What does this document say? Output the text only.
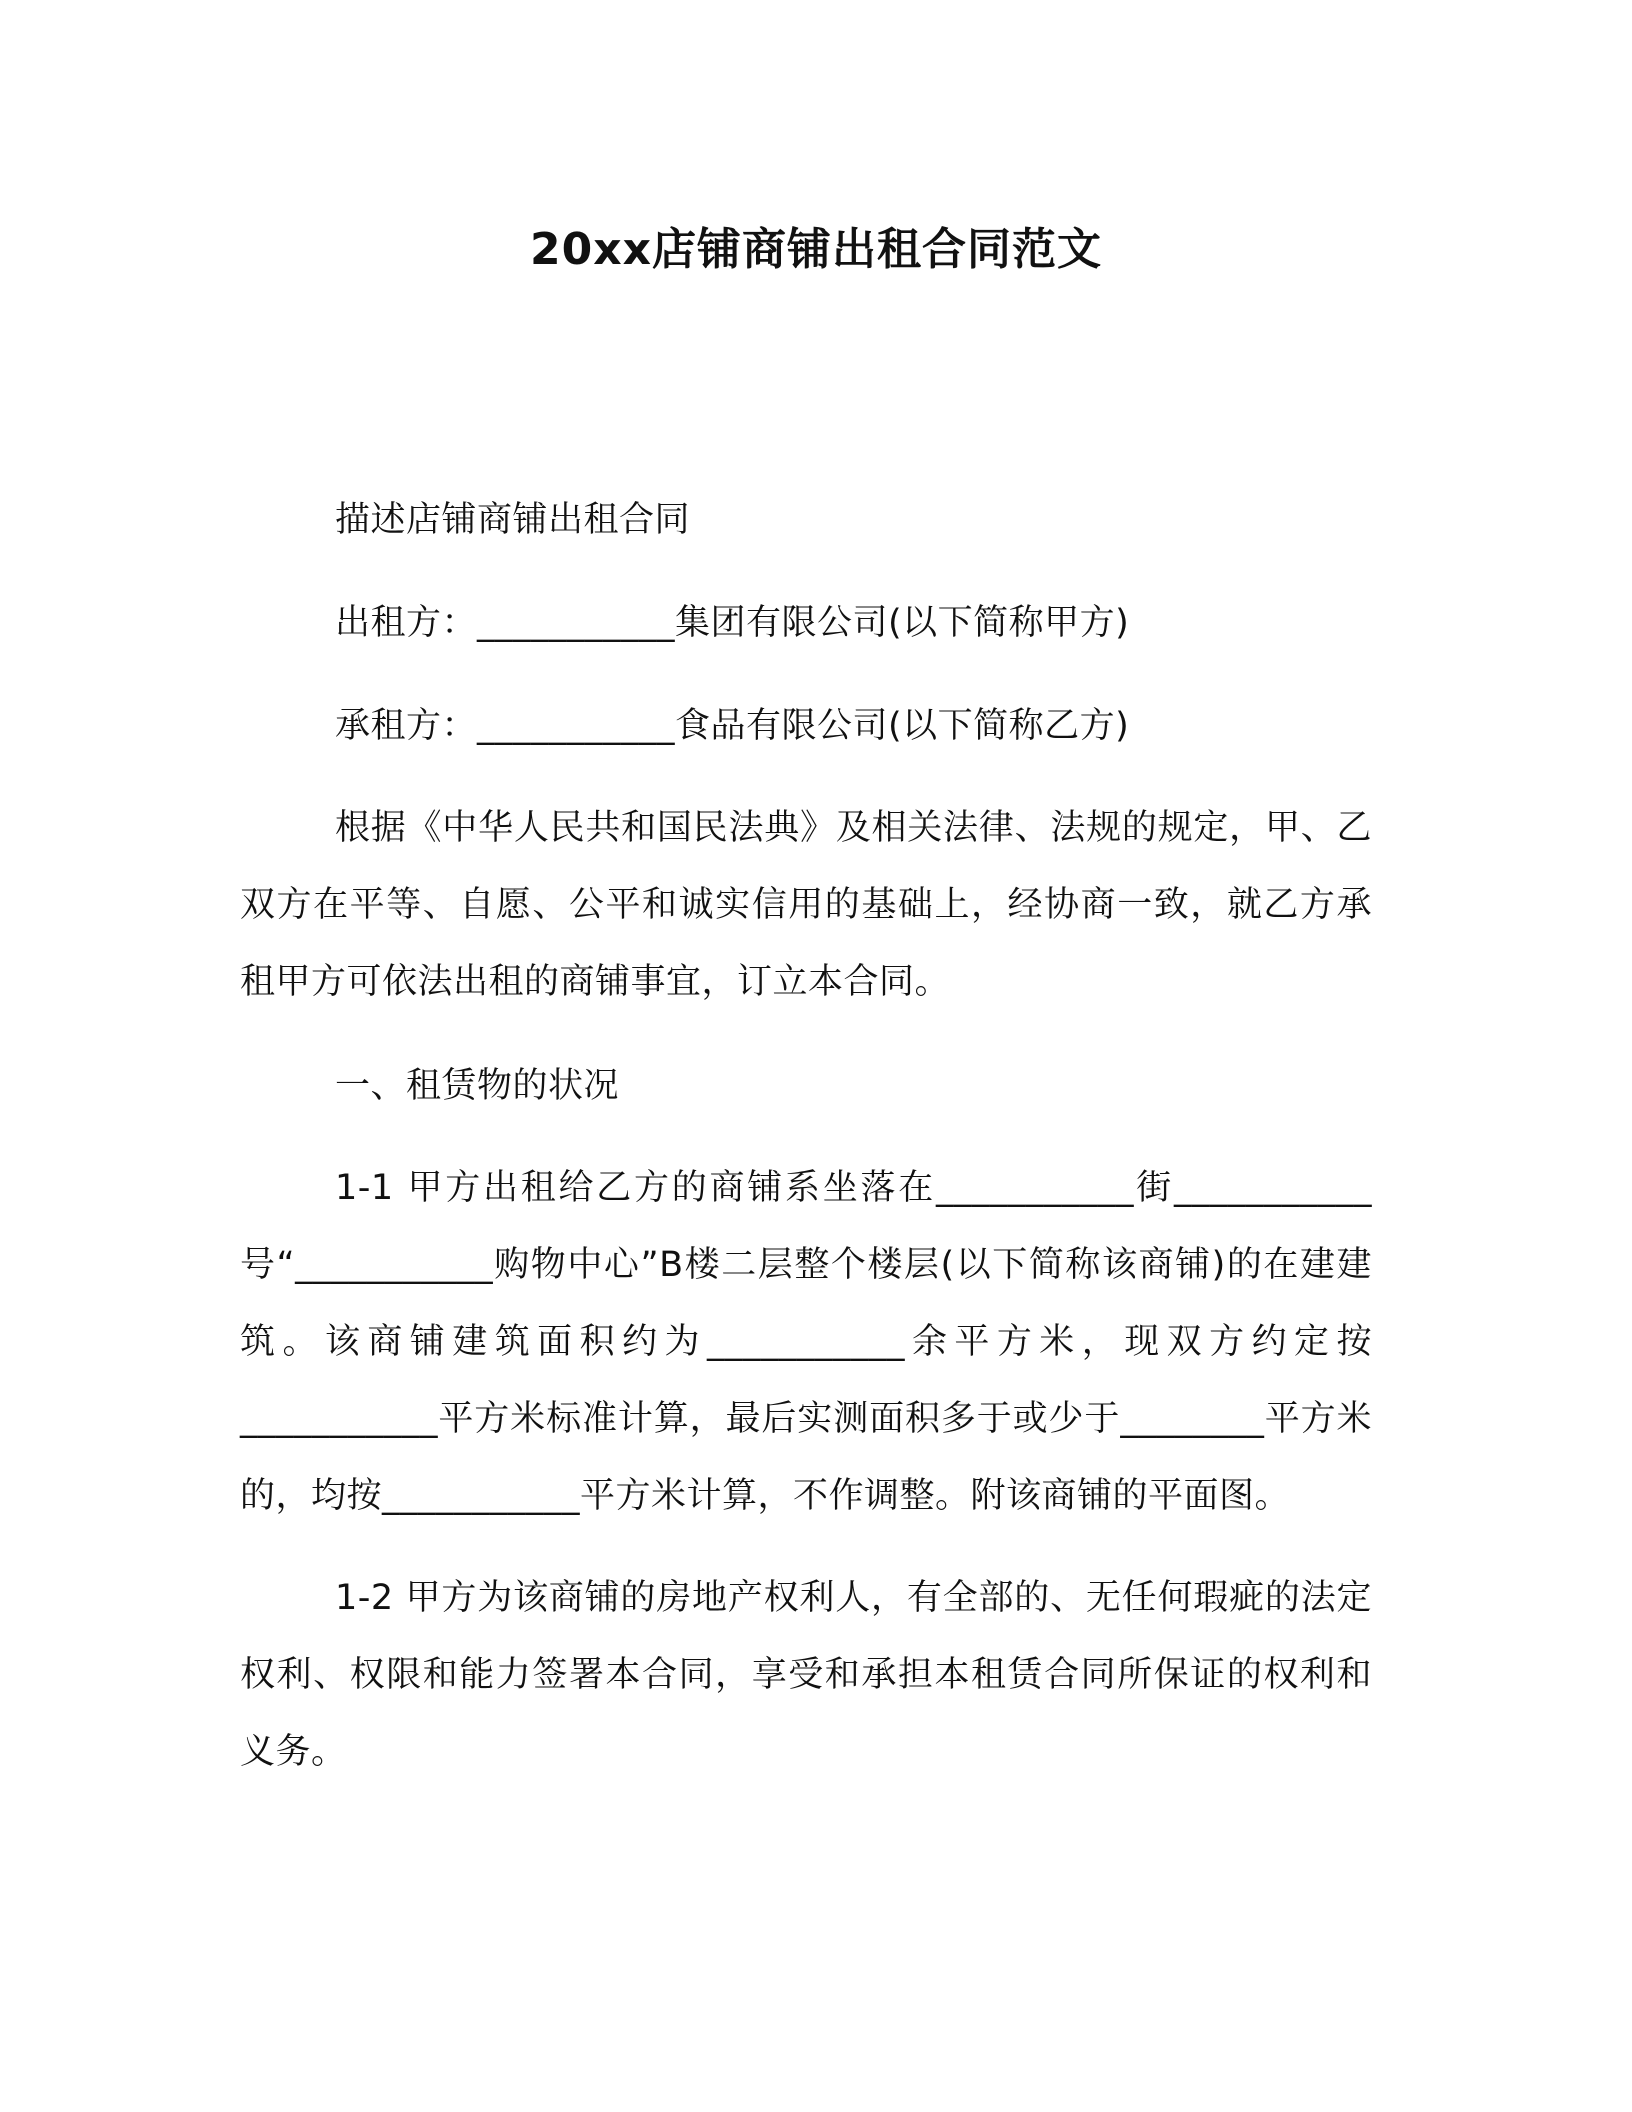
20xx店铺商铺出租合同范文
描述店铺商铺出租合同
出租方：___________集团有限公司(以下简称甲方)
承租方：___________食品有限公司(以下简称乙方)
根据《中华人民共和国民法典》及相关法律、法规的规定，甲、乙双方在平等、自愿、公平和诚实信用的基础上，经协商一致，就乙方承租甲方可依法出租的商铺事宜，订立本合同。
一、租赁物的状况
1-1 甲方出租给乙方的商铺系坐落在___________街___________号“___________购物中心”B楼二层整个楼层(以下简称该商铺)的在建建筑。该商铺建筑面积约为___________余平方米，现双方约定按___________平方米标准计算，最后实测面积多于或少于________平方米的，均按___________平方米计算，不作调整。附该商铺的平面图。
1-2 甲方为该商铺的房地产权利人，有全部的、无任何瑕疵的法定权利、权限和能力签署本合同，享受和承担本租赁合同所保证的权利和义务。
